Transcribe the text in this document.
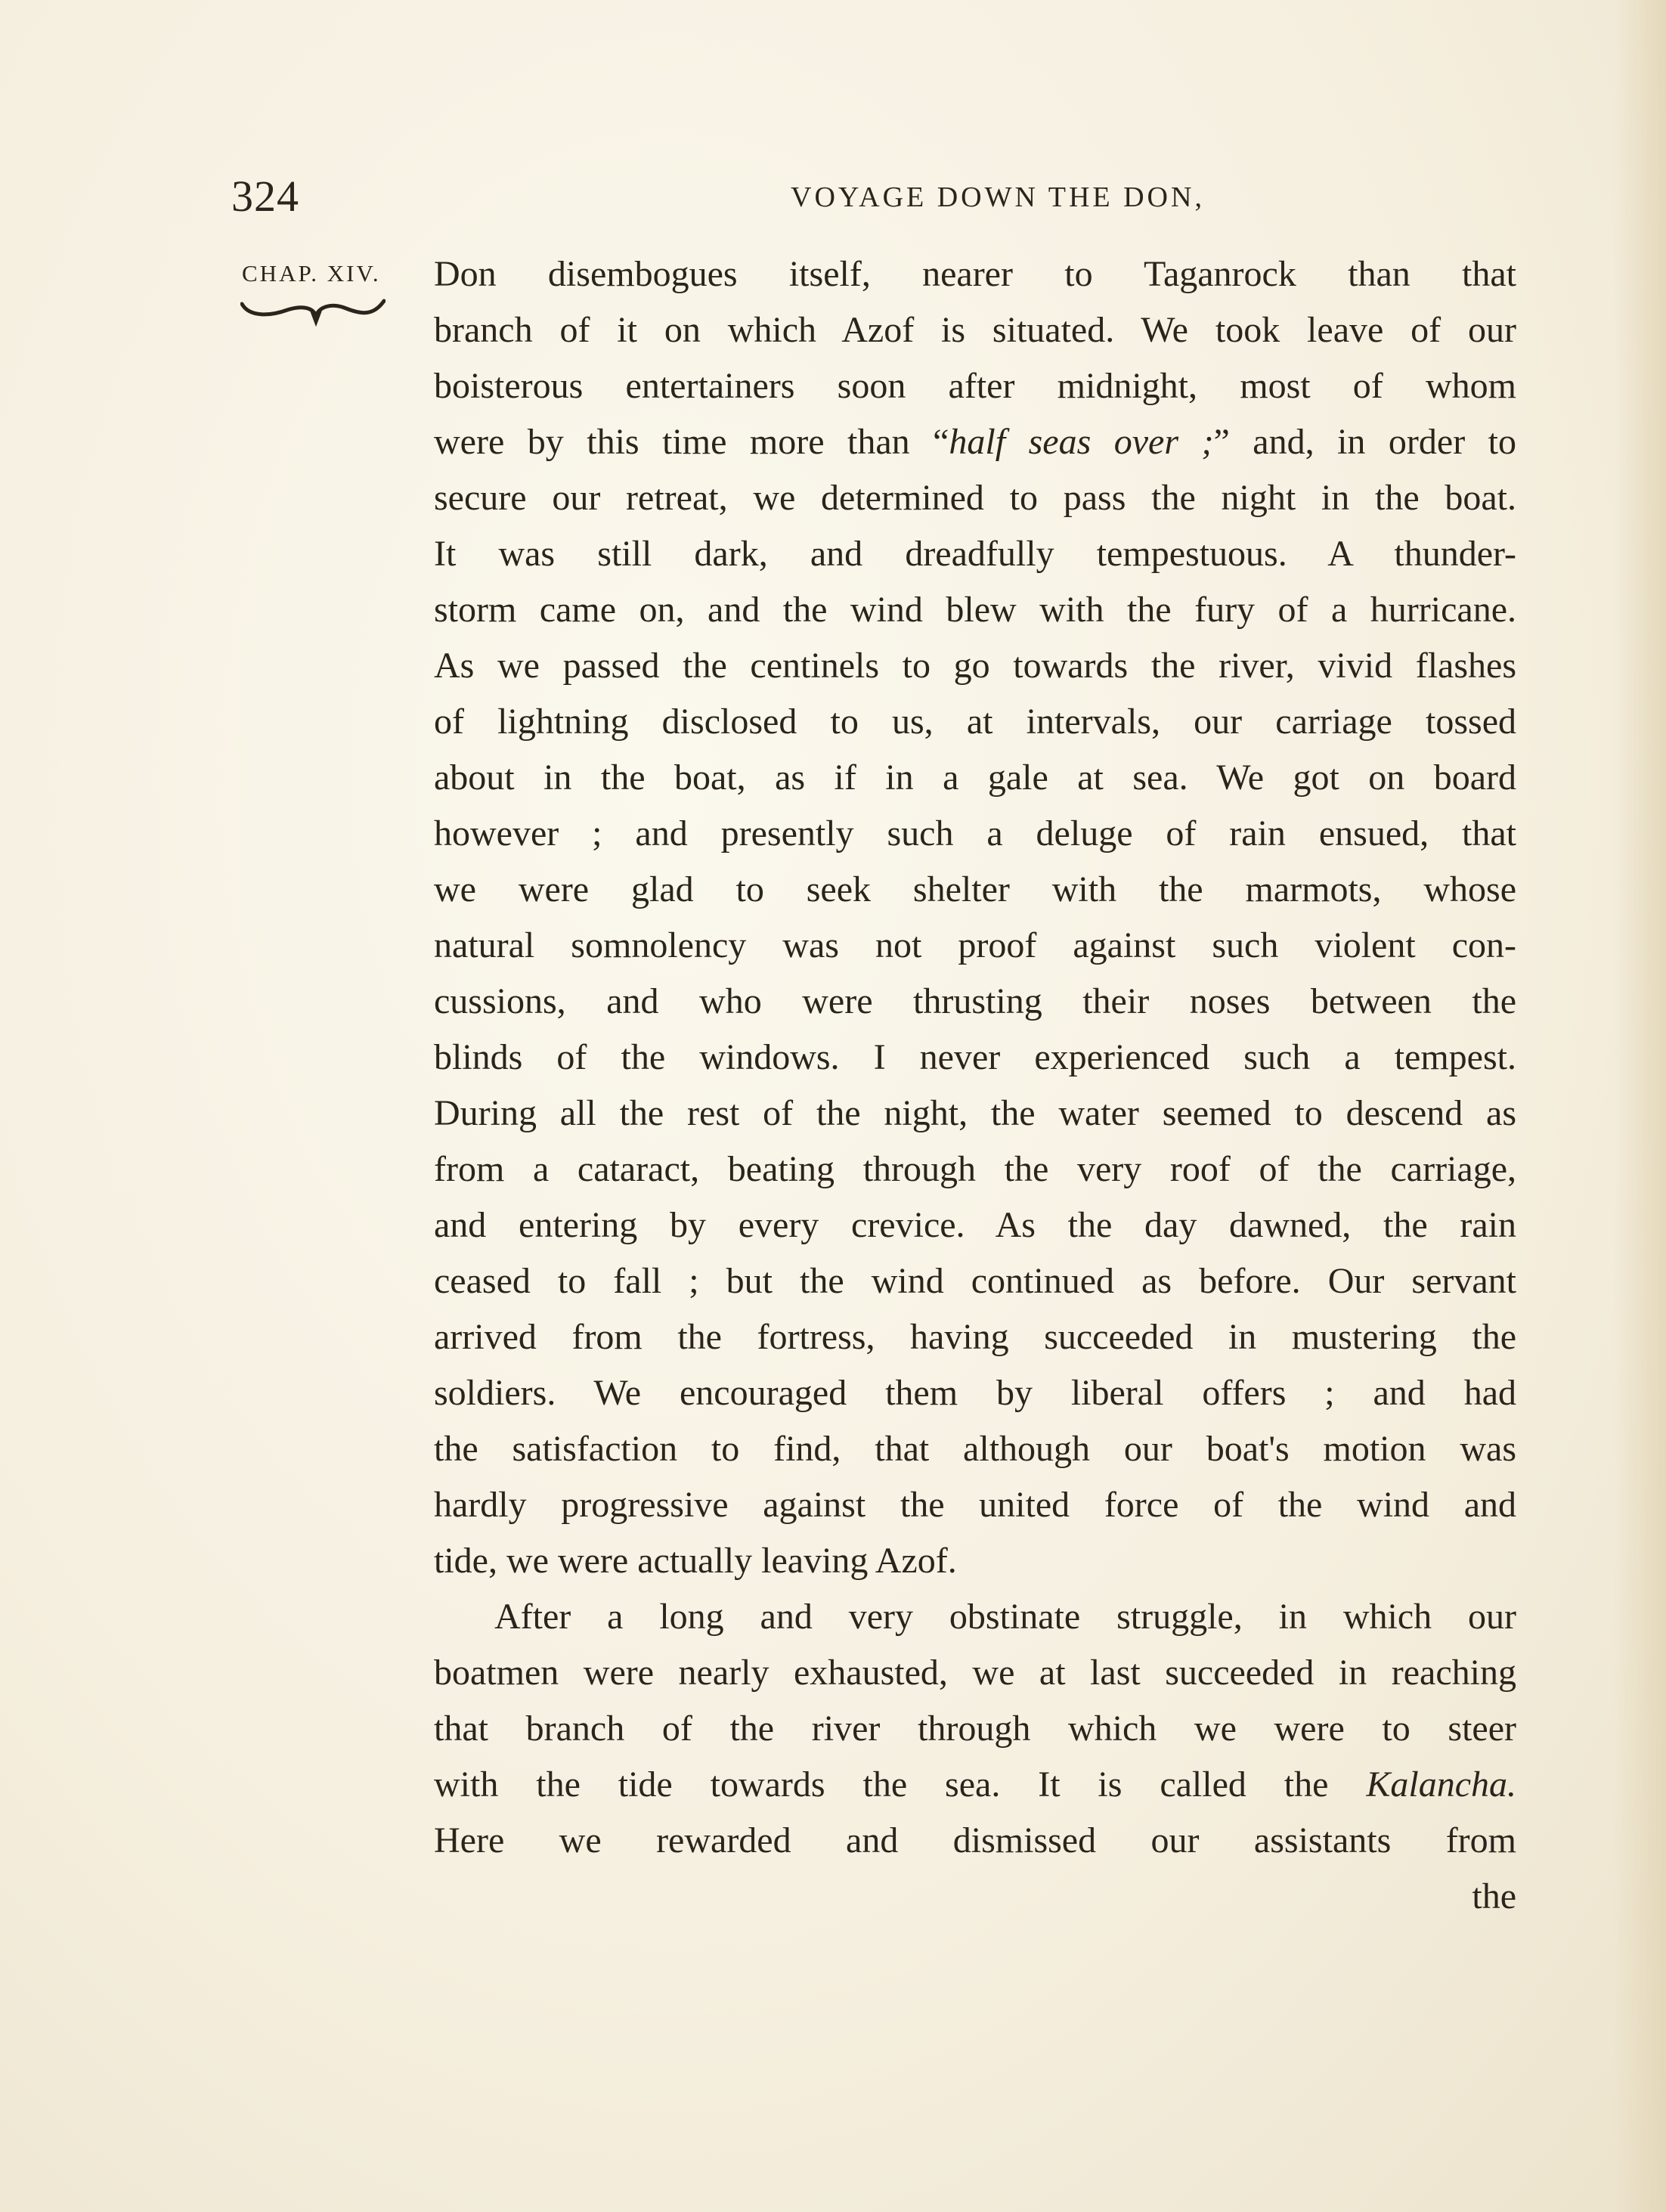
324	VOYAGE DOWN THE DON,
CHAP. XIV. Don disembogues itself, nearer to Taganrock than that
branch of it on which Azof is situated. We took leave of our
boisterous entertainers soon after midnight, most of whom
were by this time more than “half seas over ;” and, in order to
secure our retreat, we determined to pass the night in the boat.
It was still dark, and dreadfully tempestuous. A thunder-
storm came on, and the wind blew with the fury of a hurricane.
As we passed the centinels to go towards the river, vivid flashes
of lightning disclosed to us, at intervals, our carriage tossed
about in the boat, as if in a gale at sea. We got on board
however ; and presently such a deluge of rain ensued, that
we were glad to seek shelter with the marmots, whose
natural somnolency was not proof against such violent con-
cussions, and who were thrusting their noses between the
blinds of the windows. I never experienced such a tempest.
During all the rest of the night, the water seemed to descend as
from a cataract, beating through the very roof of the carriage,
and entering by every crevice. As the day dawned, the rain
ceased to fall ; but the wind continued as before. Our servant
arrived from the fortress, having succeeded in mustering the
soldiers. We encouraged them by liberal offers ; and had
the satisfaction to find, that although our boat's motion was
hardly progressive against the united force of the wind and
tide, we were actually leaving Azof.
After a long and very obstinate struggle, in which our
boatmen were nearly exhausted, we at last succeeded in reaching
that branch of the river through which we were to steer
with the tide towards the sea. It is called the Kalancha.
Here we rewarded and dismissed our assistants from
the
